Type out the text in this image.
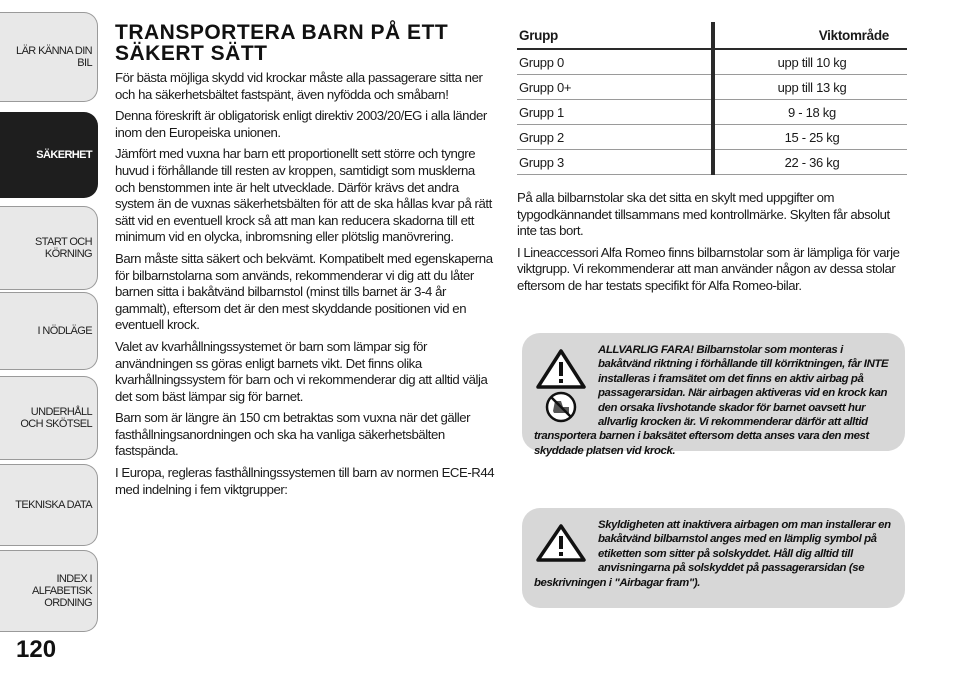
LÄR KÄNNA DIN BIL
SÄKERHET
START OCH KÖRNING
I NÖDLÄGE
UNDERHÅLL OCH SKÖTSEL
TEKNISKA DATA
INDEX I ALFABETISK ORDNING
120
TRANSPORTERA BARN PÅ ETT SÄKERT SÄTT

För bästa möjliga skydd vid krockar måste alla passagerare sitta ner och ha säkerhetsbältet fastspänt, även nyfödda och småbarn!

Denna föreskrift är obligatorisk enligt direktiv 2003/20/EG i alla länder inom den Europeiska unionen.

Jämfört med vuxna har barn ett proportionellt sett större och tyngre huvud i förhållande till resten av kroppen, samtidigt som musklerna och benstommen inte är helt utvecklade. Därför krävs det andra system än de vuxnas säkerhetsbälten för att de ska hållas kvar på rätt sätt vid en eventuell krock så att man kan reducera skadorna till ett minimum vid en olycka, inbromsning eller plötslig manövrering.

Barn måste sitta säkert och bekvämt. Kompatibelt med egenskaperna för bilbarnstolarna som används, rekommenderar vi dig att du låter barnen sitta i bakåtvänd bilbarnstol (minst tills barnet är 3-4 år gammalt), eftersom det är den mest skyddande positionen vid en eventuell krock.

Valet av kvarhållningssystemet ör barn som lämpar sig för användningen ss göras enligt barnets vikt. Det finns olika kvarhållningssystem för barn och vi rekommenderar dig att alltid välja det som bäst lämpar sig för barnet.

Barn som är längre än 150 cm betraktas som vuxna när det gäller fasthållningsanordningen och ska ha vanliga säkerhetsbälten fastspända.

I Europa, regleras fasthållningssystemen till barn av normen ECE-R44 med indelning i fem viktgrupper:

Grupp	Viktområde
Grupp 0	upp till 10 kg
Grupp 0+	upp till 13 kg
Grupp 1	9 - 18 kg
Grupp 2	15 - 25 kg
Grupp 3	22 - 36 kg

På alla bilbarnstolar ska det sitta en skylt med uppgifter om typgodkännandet tillsammans med kontrollmärke. Skylten får absolut inte tas bort.

I Lineaccessori Alfa Romeo finns bilbarnstolar som är lämpliga för varje viktgrupp. Vi rekommenderar att man använder någon av dessa stolar eftersom de har testats specifikt för Alfa Romeo-bilar.

ALLVARLIG FARA! Bilbarnstolar som monteras i bakåtvänd riktning i förhållande till körriktningen, får INTE installeras i framsätet om det finns en aktiv airbag på passagerarsidan. När airbagen aktiveras vid en krock kan den orsaka livshotande skador för barnet oavsett hur allvarlig krocken är. Vi rekommenderar därför att alltid transportera barnen i baksätet eftersom detta anses vara den mest skyddade platsen vid krock.
Skyldigheten att inaktivera airbagen om man installerar en bakåtvänd bilbarnstol anges med en lämplig symbol på etiketten som sitter på solskyddet. Håll dig alltid till anvisningarna på solskyddet på passagerarsidan (se beskrivningen i "Airbagar fram").
